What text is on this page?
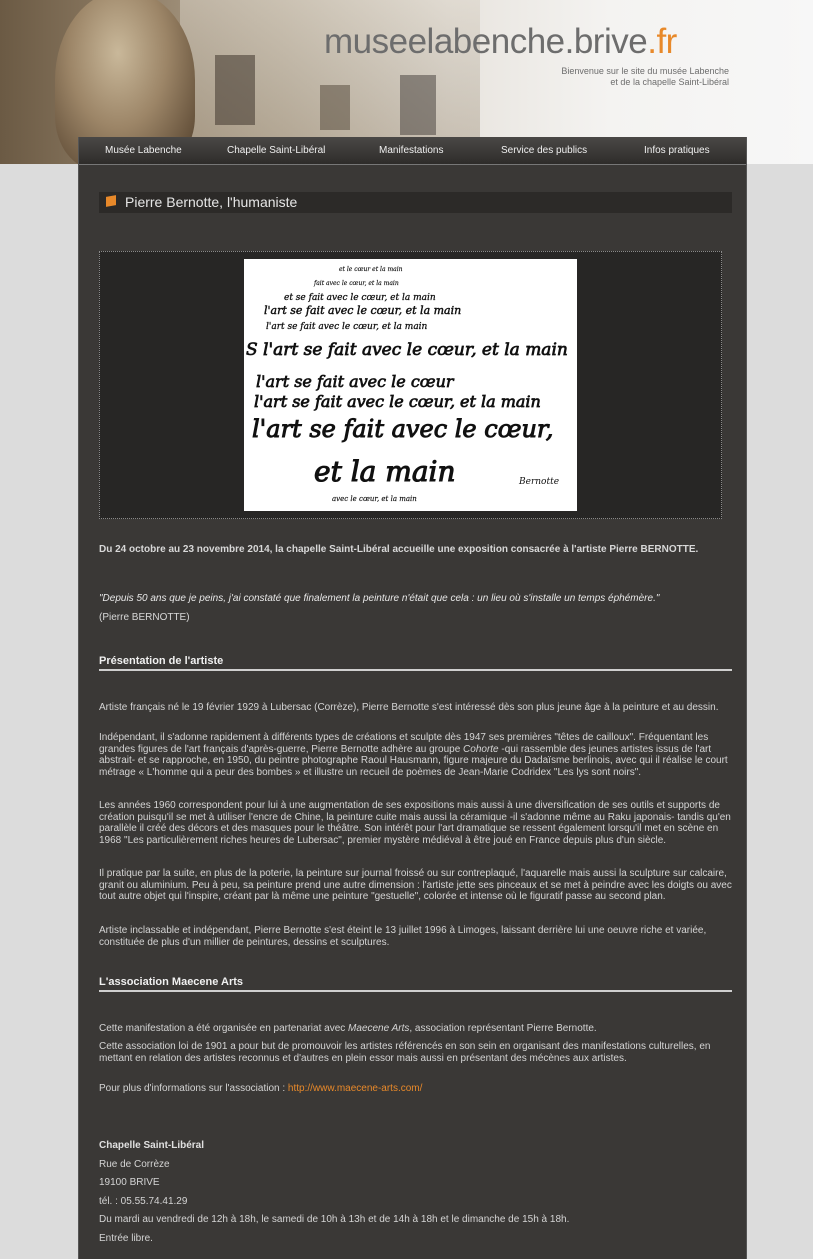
museelabenche.brive.fr
Bienvenue sur le site du musée Labenche
et de la chapelle Saint-Libéral
Musée Labenche	Chapelle Saint-Libéral	Manifestations	Service des publics	Infos pratiques
Pierre Bernotte, l'humaniste
et le cœur et la main
fait avec le cœur, et la main
et se fait avec le cœur, et la main
l'art se fait avec le cœur, et la main
l'art se fait avec le cœur, et la main
S l'art se fait avec le cœur, et la main
l'art se fait avec le cœur
l'art se fait avec le cœur, et la main
l'art se fait avec le cœur,
et la main
avec le cœur, et la main
Bernotte
Du 24 octobre au 23 novembre 2014, la chapelle Saint-Libéral accueille une exposition consacrée à l'artiste Pierre BERNOTTE.
"Depuis 50 ans que je peins, j'ai constaté que finalement la peinture n'était que cela : un lieu où s'installe un temps éphémère."
(Pierre BERNOTTE)
Présentation de l'artiste
Artiste français né le 19 février 1929 à Lubersac (Corrèze), Pierre Bernotte s'est intéressé dès son plus jeune âge à la peinture et au dessin.
Indépendant, il s'adonne rapidement à différents types de créations et sculpte dès 1947 ses premières "têtes de cailloux". Fréquentant les grandes figures de l'art français d'après-guerre, Pierre Bernotte adhère au groupe Cohorte -qui rassemble des jeunes artistes issus de l'art abstrait- et se rapproche, en 1950, du peintre photographe Raoul Hausmann, figure majeure du Dadaïsme berlinois, avec qui il réalise le court métrage « L'homme qui a peur des bombes » et illustre un recueil de poèmes de Jean-Marie Codridex "Les lys sont noirs".
Les années 1960 correspondent pour lui à une augmentation de ses expositions mais aussi à une diversification de ses outils et supports de création puisqu'il se met à utiliser l'encre de Chine, la peinture cuite mais aussi la céramique -il s'adonne même au Raku japonais- tandis qu'en parallèle il créé des décors et des masques pour le théâtre. Son intérêt pour l'art dramatique se ressent également lorsqu'il met en scène en 1968 "Les particulièrement riches heures de Lubersac", premier mystère médiéval à être joué en France depuis plus d'un siècle.
Il pratique par la suite, en plus de la poterie, la peinture sur journal froissé ou sur contreplaqué, l'aquarelle mais aussi la sculpture sur calcaire, granit ou aluminium. Peu à peu, sa peinture prend une autre dimension : l'artiste jette ses pinceaux et se met à peindre avec les doigts ou avec tout autre objet qui l'inspire, créant par là même une peinture "gestuelle", colorée et intense où le figuratif passe au second plan.
Artiste inclassable et indépendant, Pierre Bernotte s'est éteint le 13 juillet 1996 à Limoges, laissant derrière lui une oeuvre riche et variée, constituée de plus d'un millier de peintures, dessins et sculptures.
L'association Maecene Arts
Cette manifestation a été organisée en partenariat avec Maecene Arts, association représentant Pierre Bernotte.
Cette association loi de 1901 a pour but de promouvoir les artistes référencés en son sein en organisant des manifestations culturelles, en mettant en relation des artistes reconnus et d'autres en plein essor mais aussi en présentant des mécènes aux artistes.
Pour plus d'informations sur l'association : http://www.maecene-arts.com/
Chapelle Saint-Libéral
Rue de Corrèze
19100 BRIVE
tél. : 05.55.74.41.29
Du mardi au vendredi de 12h à 18h, le samedi de 10h à 13h et de 14h à 18h et le dimanche de 15h à 18h.
Entrée libre.
